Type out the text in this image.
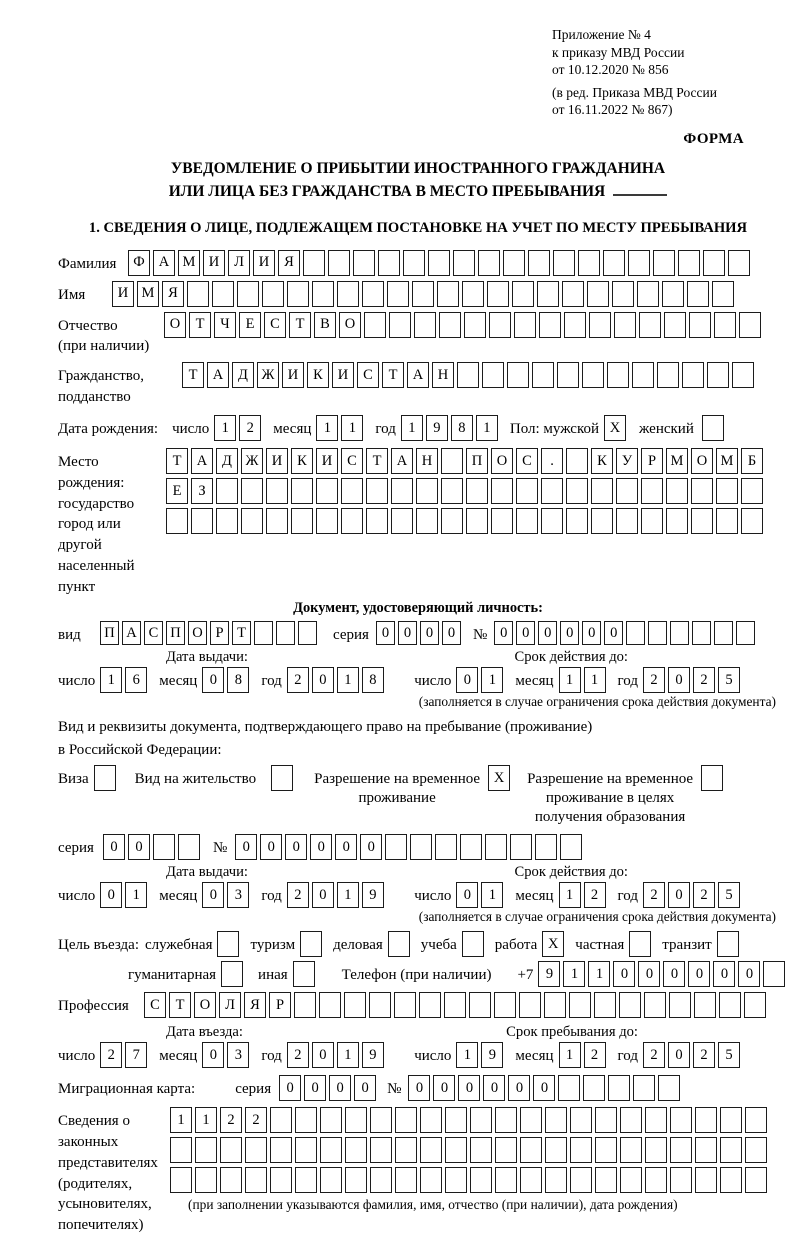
Приложение № 4
к приказу МВД России
от 10.12.2020 № 856
(в ред. Приказа МВД России
от 16.11.2022 № 867)
ФОРМА
УВЕДОМЛЕНИЕ О ПРИБЫТИИ ИНОСТРАННОГО ГРАЖДАНИНА
ИЛИ ЛИЦА БЕЗ ГРАЖДАНСТВА В МЕСТО ПРЕБЫВАНИЯ
1. СВЕДЕНИЯ О ЛИЦЕ, ПОДЛЕЖАЩЕМ ПОСТАНОВКЕ НА УЧЕТ ПО МЕСТУ ПРЕБЫВАНИЯ
Фамилия	Ф А М И	Л	И	Я
Имя	И М Я
Отчество
(при наличии)
О	Т	Ч	Е	С	Т	В	О
Гражданство,
подданство
Т	А	Д Ж И	К	И	С	Т	А	Н
Дата рождения: число 1	2	месяц 1	1	год 1	9	8	1	Пол: мужской X	женский
Место рождения:
государство
город или другой
населенный пункт
Т	А	Д Ж И	К	И	С	Т	А	Н	П	О	С	.	К	У	Р	М О М Б
Е	З
Документ, удостоверяющий личность:
вид	П А С П О Р Т	серия 0	0	0	0	№ 0	0	0	0	0	0
Дата выдачи:	Срок действия до:
число 1	6	месяц 0	8	год 2	0	1	8	число 0	1	месяц 1	1	год 2	0	2	5
(заполняется в случае ограничения срока действия документа)
Вид и реквизиты документа, подтверждающего право на пребывание (проживание)
в Российской Федерации:
Виза	Вид на жительство	Разрешение на временное
проживание
X	Разрешение на временное
проживание в целях
получения образования
серия	0	0	№	0	0	0	0	0	0
Дата выдачи:	Срок действия до:
число 0	1	месяц 0	3	год 2	0	1	9	число 0	1	месяц 1	2	год 2	0	2	5
(заполняется в случае ограничения срока действия документа)
Цель въезда: служебная	туризм	деловая	учеба	работа X	частная	транзит
гуманитарная	иная	Телефон (при наличии) +7 9	1	1	0	0	0	0	0	0
Профессия	С	Т	О	Л	Я	Р
Дата въезда:	Срок пребывания до:
число 2	7	месяц 0	3	год 2	0	1	9	число 1	9	месяц 1	2	год 2	0	2	5
Миграционная карта:	серия	0	0	0	0	№ 0	0	0	0	0	0
Сведения о
законных
представителях
(родителях,
усыновителях,
попечителях)
1	1	2	2
(при заполнении указываются фамилия, имя, отчество (при наличии), дата рождения)
